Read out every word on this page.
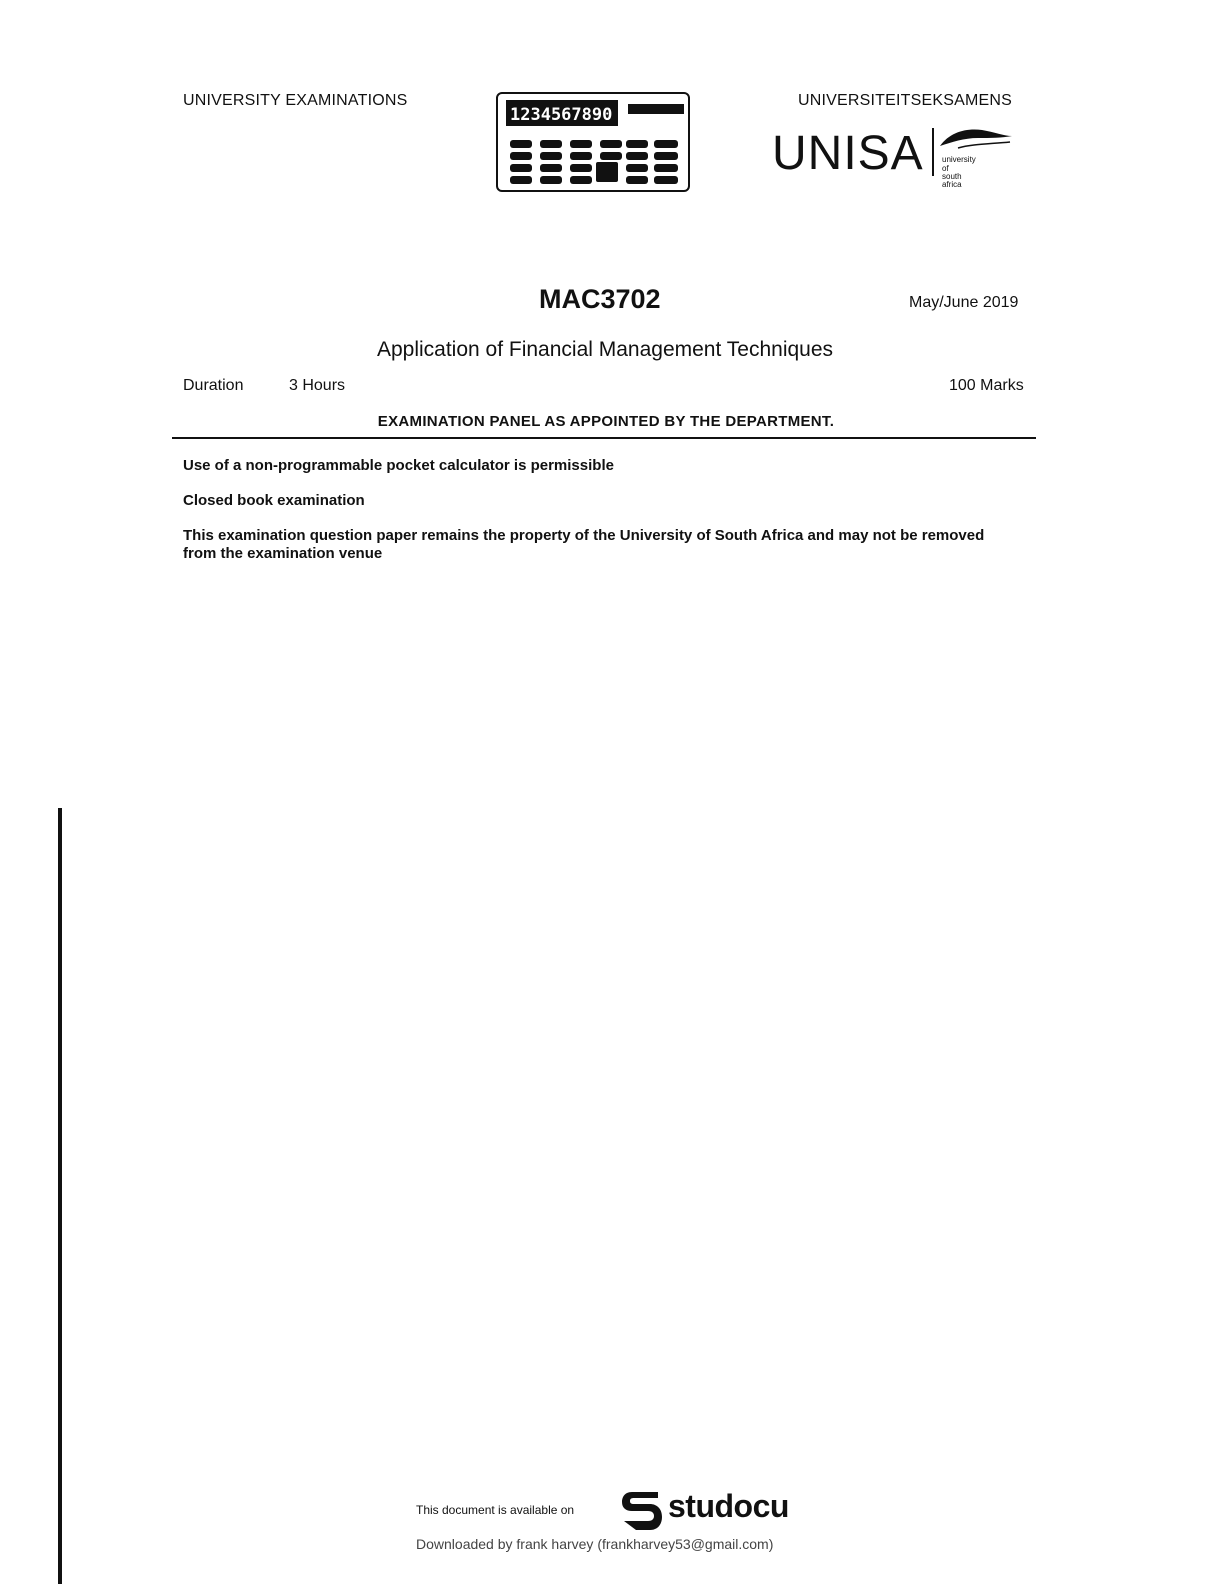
UNIVERSITY EXAMINATIONS	UNIVERSITEITSEKSAMENS
1234567890
UNISA university
of south africa
MAC3702	May/June 2019
Application of Financial Management Techniques
Duration	3 Hours	100 Marks
EXAMINATION PANEL AS APPOINTED BY THE DEPARTMENT.
Use of a non-programmable pocket calculator is permissible
Closed book examination
This examination question paper remains the property of the University of South Africa and may not be removed from the examination venue
This document is available on	studocu
Downloaded by frank harvey (frankharvey53@gmail.com)
